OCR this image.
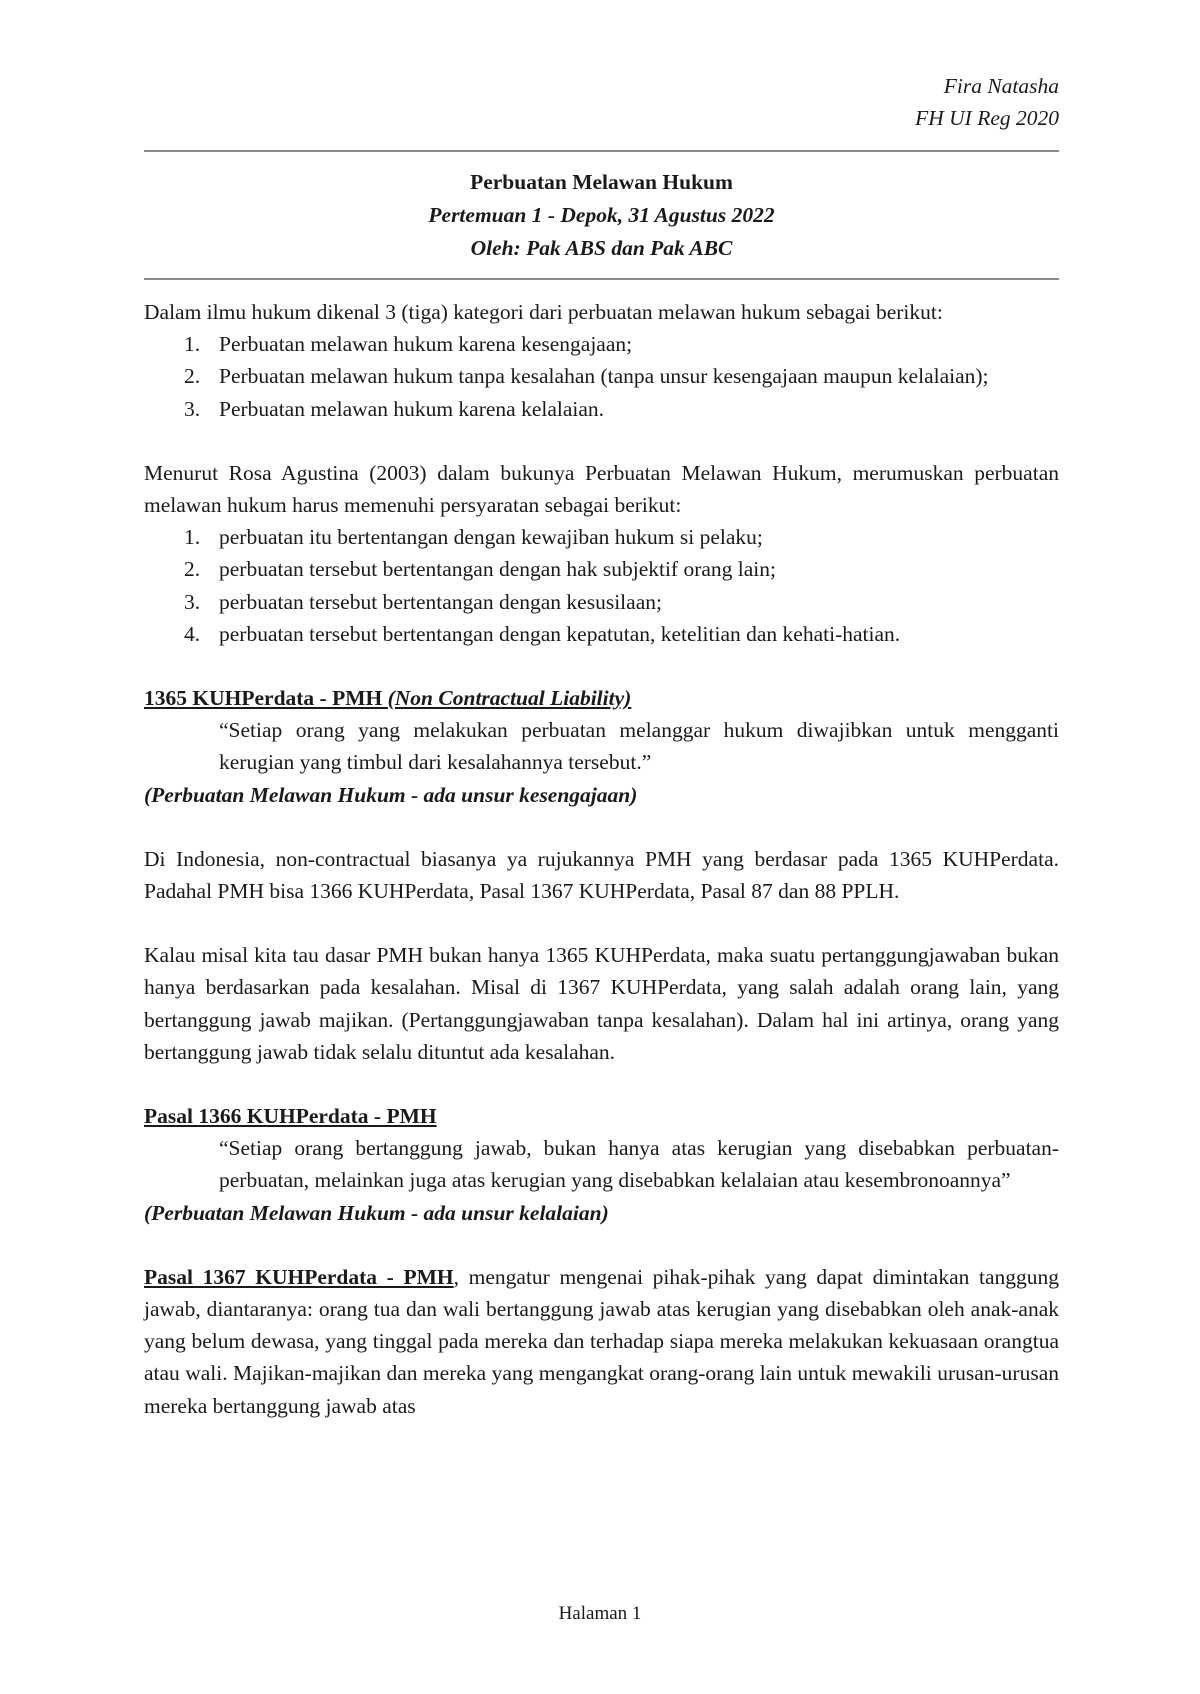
Fira Natasha
FH UI Reg 2020
Perbuatan Melawan Hukum
Pertemuan 1 - Depok, 31 Agustus 2022
Oleh: Pak ABS dan Pak ABC

Dalam ilmu hukum dikenal 3 (tiga) kategori dari perbuatan melawan hukum sebagai berikut:

1. Perbuatan melawan hukum karena kesengajaan;
2. Perbuatan melawan hukum tanpa kesalahan (tanpa unsur kesengajaan maupun kelalaian);
3. Perbuatan melawan hukum karena kelalaian.

Menurut Rosa Agustina (2003) dalam bukunya Perbuatan Melawan Hukum, merumuskan perbuatan melawan hukum harus memenuhi persyaratan sebagai berikut:

1. perbuatan itu bertentangan dengan kewajiban hukum si pelaku;
2. perbuatan tersebut bertentangan dengan hak subjektif orang lain;
3. perbuatan tersebut bertentangan dengan kesusilaan;
4. perbuatan tersebut bertentangan dengan kepatutan, ketelitian dan kehati-hatian.
1365 KUHPerdata - PMH (Non Contractual Liability)
“Setiap orang yang melakukan perbuatan melanggar hukum diwajibkan untuk mengganti kerugian yang timbul dari kesalahannya tersebut.”
(Perbuatan Melawan Hukum - ada unsur kesengajaan)

Di Indonesia, non-contractual biasanya ya rujukannya PMH yang berdasar pada 1365 KUHPerdata. Padahal PMH bisa 1366 KUHPerdata, Pasal 1367 KUHPerdata, Pasal 87 dan 88 PPLH.

Kalau misal kita tau dasar PMH bukan hanya 1365 KUHPerdata, maka suatu pertanggungjawaban bukan hanya berdasarkan pada kesalahan. Misal di 1367 KUHPerdata, yang salah adalah orang lain, yang bertanggung jawab majikan. (Pertanggungjawaban tanpa kesalahan). Dalam hal ini artinya, orang yang bertanggung jawab tidak selalu dituntut ada kesalahan.

Pasal 1366 KUHPerdata - PMH
“Setiap orang bertanggung jawab, bukan hanya atas kerugian yang disebabkan perbuatan-perbuatan, melainkan juga atas kerugian yang disebabkan kelalaian atau kesembronoannya”
(Perbuatan Melawan Hukum - ada unsur kelalaian)

Pasal 1367 KUHPerdata - PMH, mengatur mengenai pihak-pihak yang dapat dimintakan tanggung jawab, diantaranya: orang tua dan wali bertanggung jawab atas kerugian yang disebabkan oleh anak-anak yang belum dewasa, yang tinggal pada mereka dan terhadap siapa mereka melakukan kekuasaan orangtua atau wali. Majikan-majikan dan mereka yang mengangkat orang-orang lain untuk mewakili urusan-urusan mereka bertanggung jawab atas

Halaman 1
